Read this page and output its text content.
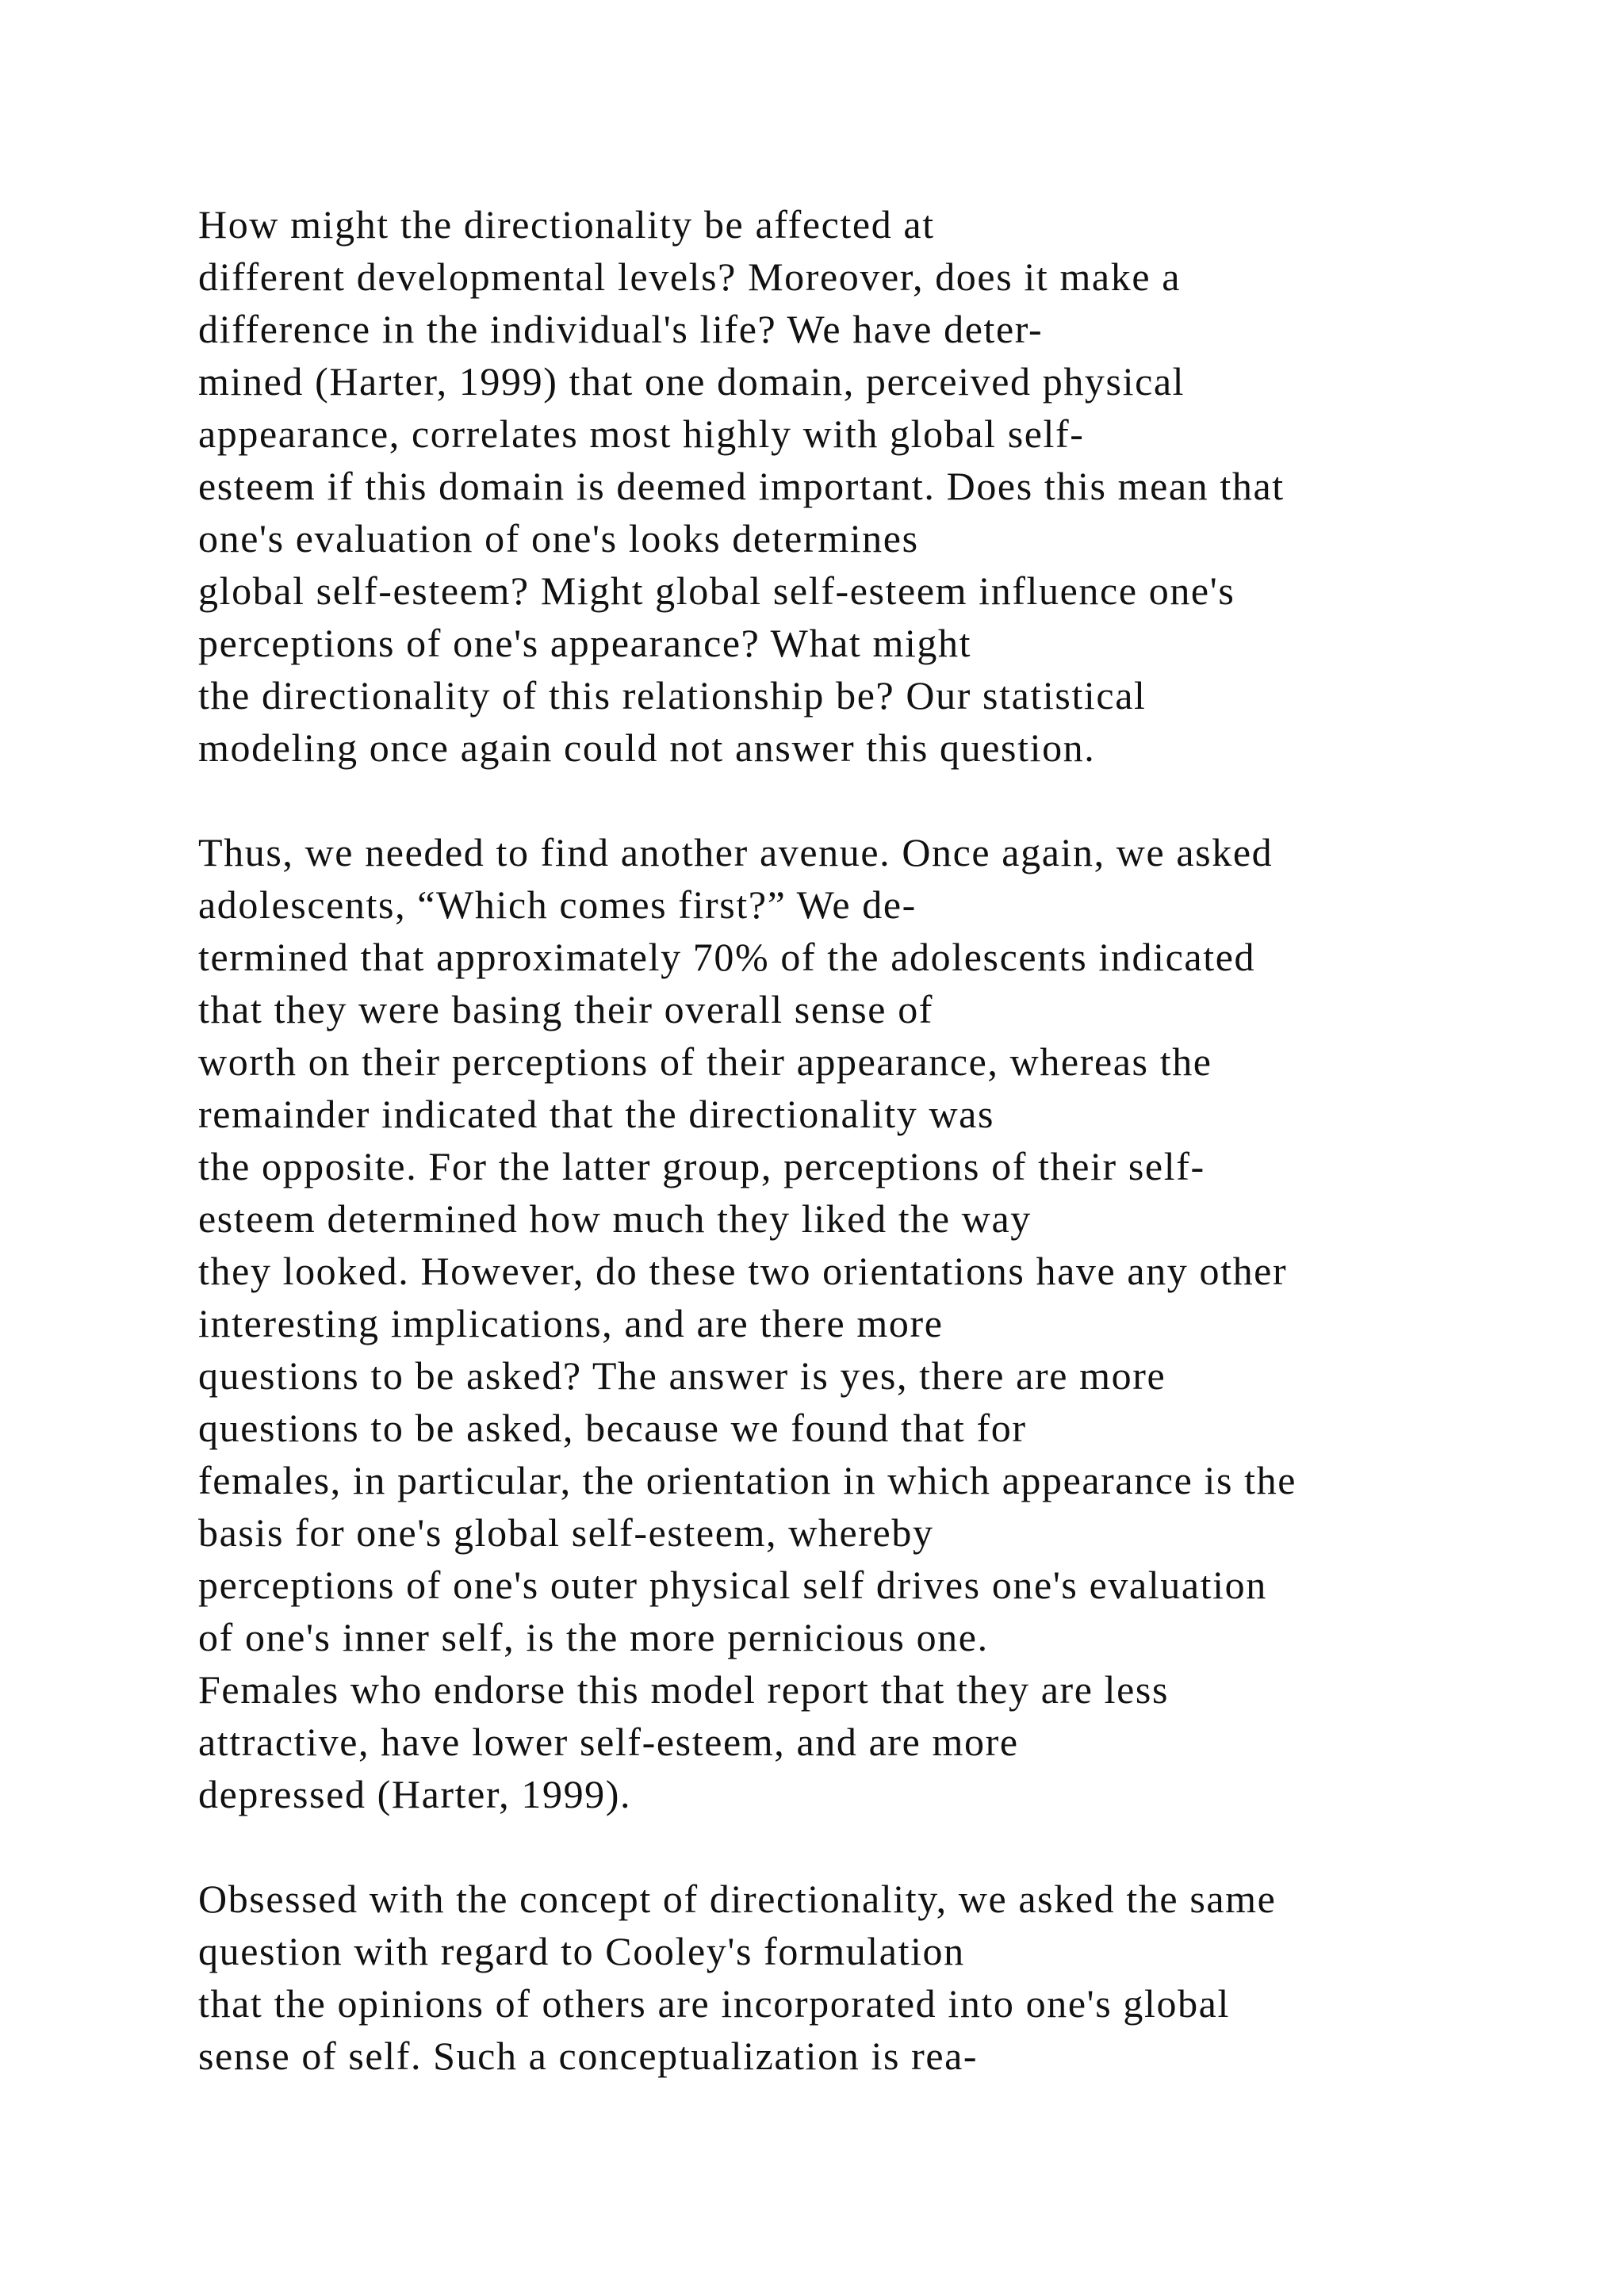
How might the directionality be affected at
different developmental levels? Moreover, does it make a
difference in the individual's life? We have deter-
mined (Harter, 1999) that one domain, perceived physical
appearance, correlates most highly with global self-
esteem if this domain is deemed important. Does this mean that
one's evaluation of one's looks determines
global self-esteem? Might global self-esteem influence one's
perceptions of one's appearance? What might
the directionality of this relationship be? Our statistical
modeling once again could not answer this question.
Thus, we needed to find another avenue. Once again, we asked
adolescents, “Which comes first?” We de-
termined that approximately 70% of the adolescents indicated
that they were basing their overall sense of
worth on their perceptions of their appearance, whereas the
remainder indicated that the directionality was
the opposite. For the latter group, perceptions of their self-
esteem determined how much they liked the way
they looked. However, do these two orientations have any other
interesting implications, and are there more
questions to be asked? The answer is yes, there are more
questions to be asked, because we found that for
females, in particular, the orientation in which appearance is the
basis for one's global self-esteem, whereby
perceptions of one's outer physical self drives one's evaluation
of one's inner self, is the more pernicious one.
Females who endorse this model report that they are less
attractive, have lower self-esteem, and are more
depressed (Harter, 1999).
Obsessed with the concept of directionality, we asked the same
question with regard to Cooley's formulation
that the opinions of others are incorporated into one's global
sense of self. Such a conceptualization is rea-
